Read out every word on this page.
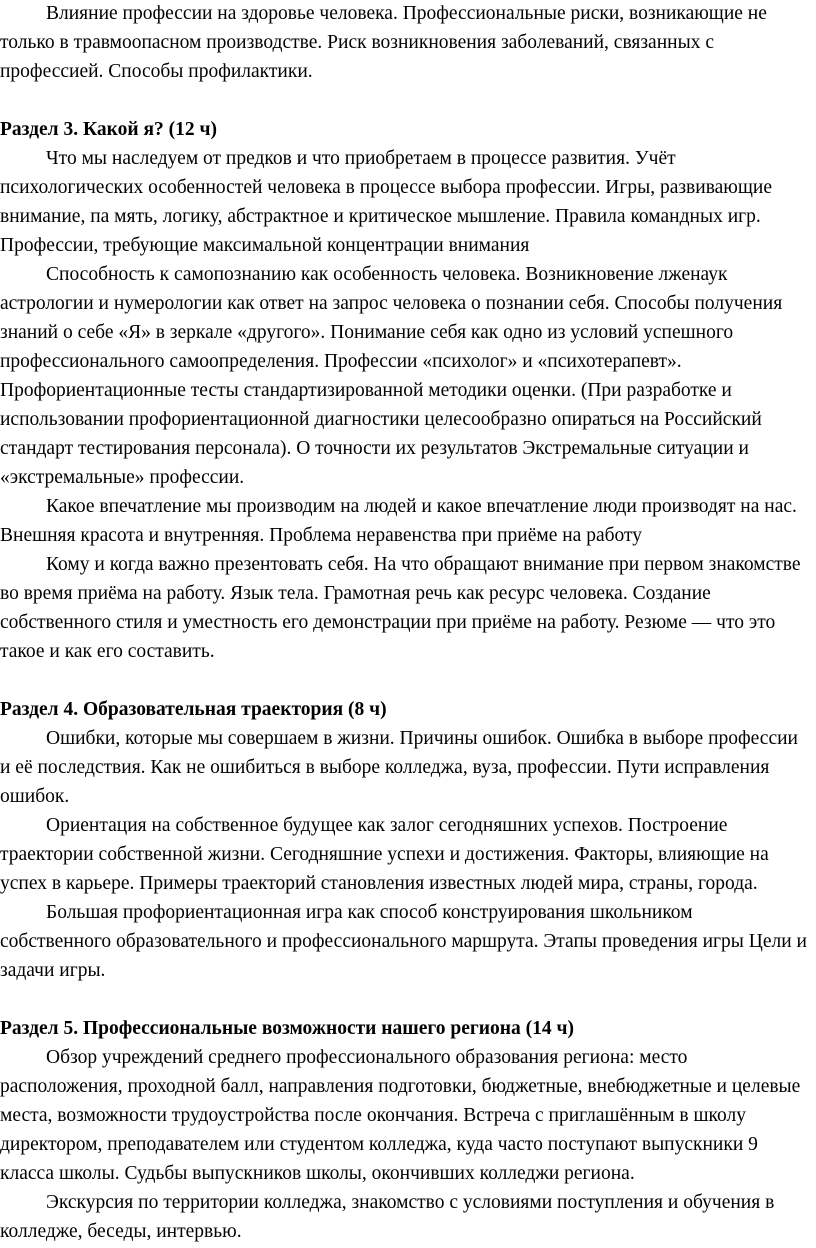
Влияние профессии на здоровье человека. Профессиональные риски, возникающие не только в травмоопасном производстве. Риск возникновения заболеваний, связанных с профессией. Способы профилактики.

Раздел 3. Какой я? (12 ч)

Что мы наследуем от предков и что приобретаем в процессе развития. Учёт психологических особенностей человека в процессе выбора профессии. Игры, развивающие внимание, па мять, логику, абстрактное и критическое мышление. Правила командных игр. Профессии, требующие максимальной концентрации внимания

Способность к самопознанию как особенность человека. Возникновение лженаук астрологии и нумерологии как ответ на запрос человека о познании себя. Способы получения знаний о себе «Я» в зеркале «другого». Понимание себя как одно из условий успешного профессионального самоопределения. Профессии «психолог» и «психотерапевт». Профориентационные тесты стандартизированной методики оценки. (При разработке и использовании профориентационной диагностики целесообразно опираться на Российский стандарт тестирования персонала). О точности их результатов Экстремальные ситуации и «экстремальные» профессии.

Какое впечатление мы производим на людей и какое впечатление люди производят на нас. Внешняя красота и внутренняя. Проблема неравенства при приёме на работу

Кому и когда важно презентовать себя. На что обращают внимание при первом знакомстве во время приёма на работу. Язык тела. Грамотная речь как ресурс человека. Создание собственного стиля и уместность его демонстрации при приёме на работу. Резюме — что это такое и как его составить.

Раздел 4. Образовательная траектория (8 ч)

Ошибки, которые мы совершаем в жизни. Причины ошибок. Ошибка в выборе профессии и её последствия. Как не ошибиться в выборе колледжа, вуза, профессии. Пути исправления ошибок.

Ориентация на собственное будущее как залог сегодняшних успехов. Построение траектории собственной жизни. Сегодняшние успехи и достижения. Факторы, влияющие на успех в карьере. Примеры траекторий становления известных людей мира, страны, города.

Большая профориентационная игра как способ конструирования школьником собственного образовательного и профессионального маршрута. Этапы проведения игры Цели и задачи игры.

Раздел 5. Профессиональные возможности нашего региона (14 ч)

Обзор учреждений среднего профессионального образования региона: место расположения, проходной балл, направления подготовки, бюджетные, внебюджетные и целевые места, возможности трудоустройства после окончания. Встреча с приглашённым в школу директором, преподавателем или студентом колледжа, куда часто поступают выпускники 9 класса школы. Судьбы выпускников школы, окончивших колледжи региона.

Экскурсия по территории колледжа, знакомство с условиями поступления и обучения в колледже, беседы, интервью.
